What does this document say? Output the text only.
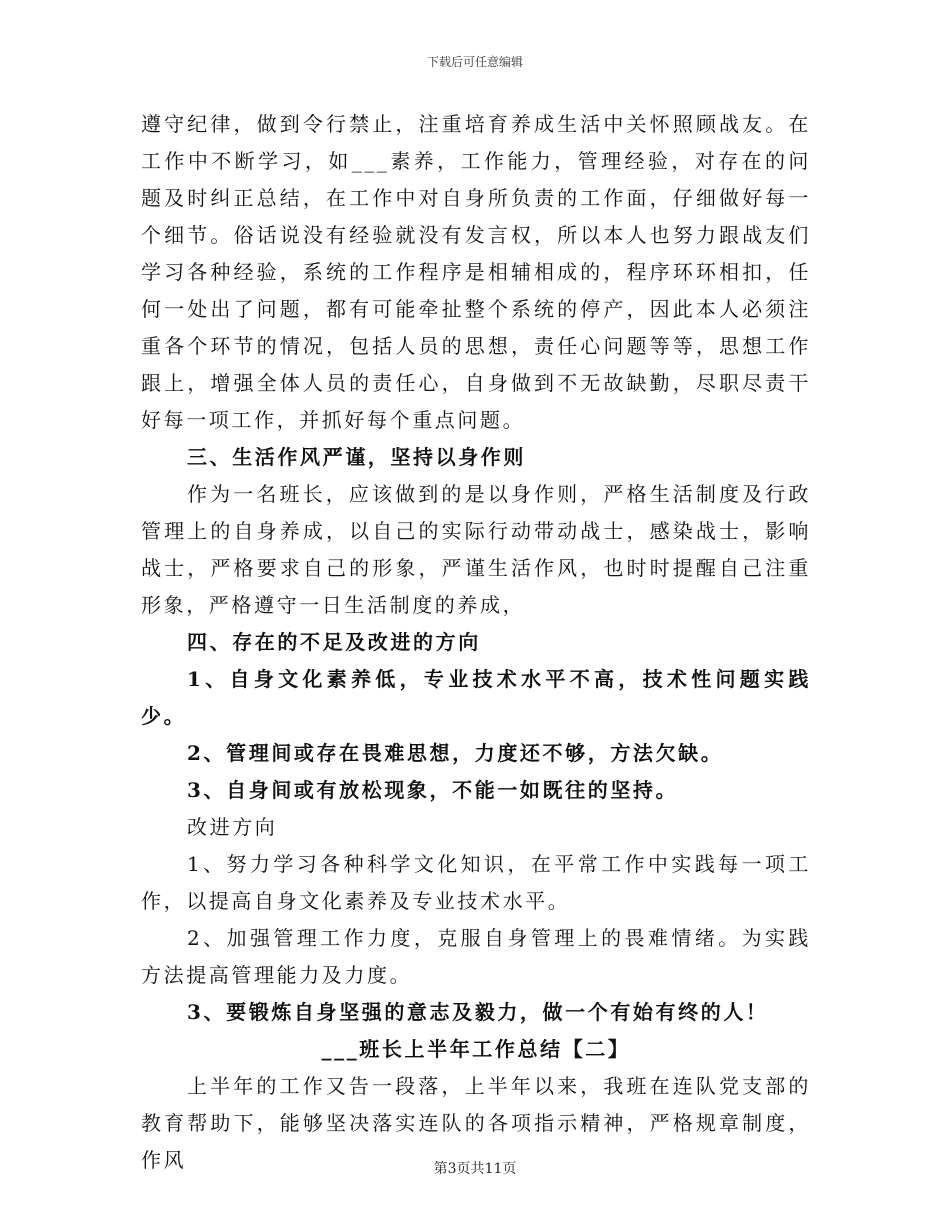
下载后可任意编辑

遵守纪律，做到令行禁止，注重培育养成生活中关怀照顾战友。在工作中不断学习，如___素养，工作能力，管理经验，对存在的问题及时纠正总结，在工作中对自身所负责的工作面，仔细做好每一个细节。俗话说没有经验就没有发言权，所以本人也努力跟战友们学习各种经验，系统的工作程序是相辅相成的，程序环环相扣，任何一处出了问题，都有可能牵扯整个系统的停产，因此本人必须注重各个环节的情况，包括人员的思想，责任心问题等等，思想工作跟上，增强全体人员的责任心，自身做到不无故缺勤，尽职尽责干好每一项工作，并抓好每个重点问题。

三、生活作风严谨，坚持以身作则

作为一名班长，应该做到的是以身作则，严格生活制度及行政管理上的自身养成，以自己的实际行动带动战士，感染战士，影响战士，严格要求自己的形象，严谨生活作风，也时时提醒自己注重形象，严格遵守一日生活制度的养成，

四、存在的不足及改进的方向

1、自身文化素养低，专业技术水平不高，技术性问题实践少。

2、管理间或存在畏难思想，力度还不够，方法欠缺。

3、自身间或有放松现象，不能一如既往的坚持。

改进方向

1、努力学习各种科学文化知识，在平常工作中实践每一项工作，以提高自身文化素养及专业技术水平。

2、加强管理工作力度，克服自身管理上的畏难情绪。为实践方法提高管理能力及力度。

3、要锻炼自身坚强的意志及毅力，做一个有始有终的人！

___班长上半年工作总结【二】

上半年的工作又告一段落，上半年以来，我班在连队党支部的教育帮助下，能够坚决落实连队的各项指示精神，严格规章制度，作风	第3页共11页
